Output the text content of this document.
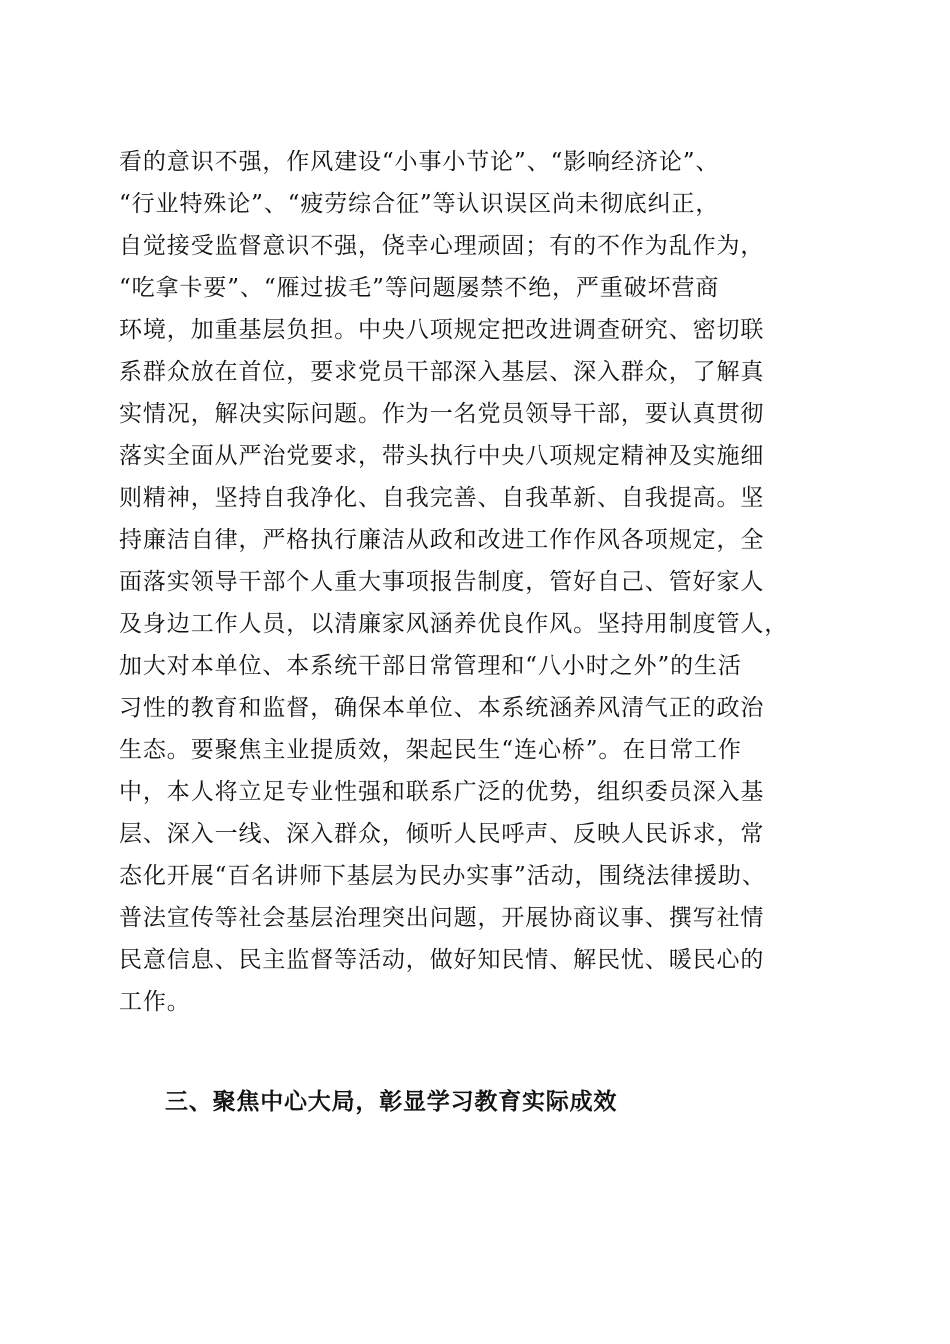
看的意识不强，作风建设“小事小节论”、“影响经济论”、
“行业特殊论”、“疲劳综合征”等认识误区尚未彻底纠正，
自觉接受监督意识不强，侥幸心理顽固；有的不作为乱作为，
“吃拿卡要”、“雁过拔毛”等问题屡禁不绝，严重破坏营商
环境，加重基层负担。中央八项规定把改进调查研究、密切联
系群众放在首位，要求党员干部深入基层、深入群众，了解真
实情况，解决实际问题。作为一名党员领导干部，要认真贯彻
落实全面从严治党要求，带头执行中央八项规定精神及实施细
则精神，坚持自我净化、自我完善、自我革新、自我提高。坚
持廉洁自律，严格执行廉洁从政和改进工作作风各项规定，全
面落实领导干部个人重大事项报告制度，管好自己、管好家人
及身边工作人员，以清廉家风涵养优良作风。坚持用制度管人，
加大对本单位、本系统干部日常管理和“八小时之外”的生活
习性的教育和监督，确保本单位、本系统涵养风清气正的政治
生态。要聚焦主业提质效，架起民生“连心桥”。在日常工作
中，本人将立足专业性强和联系广泛的优势，组织委员深入基
层、深入一线、深入群众，倾听人民呼声、反映人民诉求，常
态化开展“百名讲师下基层为民办实事”活动，围绕法律援助、
普法宣传等社会基层治理突出问题，开展协商议事、撰写社情
民意信息、民主监督等活动，做好知民情、解民忧、暖民心的
工作。
三、聚焦中心大局，彰显学习教育实际成效
